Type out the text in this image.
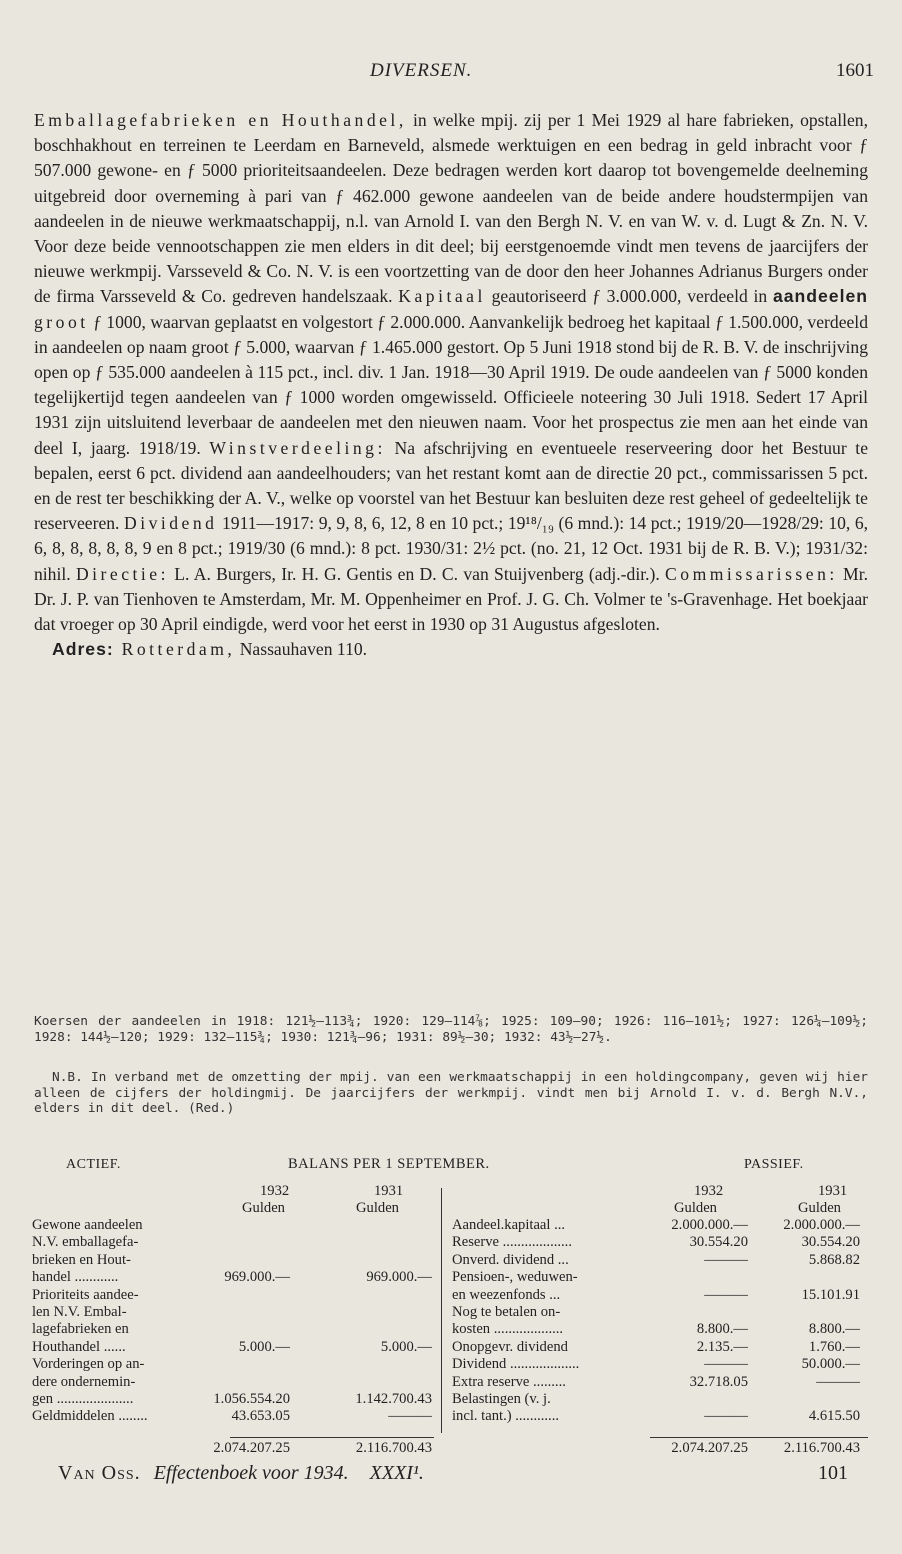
DIVERSEN.	1601

Emballagefabrieken en Houthandel, in welke mpij. zij per 1 Mei 1929 al hare fabrieken, opstallen, boschhakhout en terreinen te Leerdam en Barneveld, alsmede werktuigen en een bedrag in geld inbracht voor ƒ 507.000 gewone- en ƒ 5000 prioriteitsaandeelen. Deze bedragen werden kort daarop tot bovengemelde deelneming uitgebreid door overneming à pari van ƒ 462.000 gewone aandeelen van de beide andere houdstermpijen van aandeelen in de nieuwe werkmaatschappij, n.l. van Arnold I. van den Bergh N. V. en van W. v. d. Lugt & Zn. N. V. Voor deze beide vennootschappen zie men elders in dit deel; bij eerstgenoemde vindt men tevens de jaarcijfers der nieuwe werkmpij. Varsseveld & Co. N. V. is een voortzetting van de door den heer Johannes Adrianus Burgers onder de firma Varsseveld & Co. gedreven handelszaak. Kapitaal geautoriseerd ƒ 3.000.000, verdeeld in aandeelen groot ƒ 1000, waarvan geplaatst en volgestort ƒ 2.000.000. Aanvankelijk bedroeg het kapitaal ƒ 1.500.000, verdeeld in aandeelen op naam groot ƒ 5.000, waarvan ƒ 1.465.000 gestort. Op 5 Juni 1918 stond bij de R. B. V. de inschrijving open op ƒ 535.000 aandeelen à 115 pct., incl. div. 1 Jan. 1918—30 April 1919. De oude aandeelen van ƒ 5000 konden tegelijkertijd tegen aandeelen van ƒ 1000 worden omgewisseld. Officieele noteering 30 Juli 1918. Sedert 17 April 1931 zijn uitsluitend leverbaar de aandeelen met den nieuwen naam. Voor het prospectus zie men aan het einde van deel I, jaarg. 1918/19. Winstverdeeling: Na afschrijving en eventueele reserveering door het Bestuur te bepalen, eerst 6 pct. dividend aan aandeelhouders; van het restant komt aan de directie 20 pct., commissarissen 5 pct. en de rest ter beschikking der A. V., welke op voorstel van het Bestuur kan besluiten deze rest geheel of gedeeltelijk te reserveeren. Dividend 1911—1917: 9, 9, 8, 6, 12, 8 en 10 pct.; 19¹⁸/₁₉ (6 mnd.): 14 pct.; 1919/20—1928/29: 10, 6, 6, 8, 8, 8, 8, 8, 9 en 8 pct.; 1919/30 (6 mnd.): 8 pct. 1930/31: 2½ pct. (no. 21, 12 Oct. 1931 bij de R. B. V.); 1931/32: nihil. Directie: L. A. Burgers, Ir. H. G. Gentis en D. C. van Stuijvenberg (adj.-dir.). Commissarissen: Mr. Dr. J. P. van Tienhoven te Amsterdam, Mr. M. Oppenheimer en Prof. J. G. Ch. Volmer te 's-Gravenhage. Het boekjaar dat vroeger op 30 April eindigde, werd voor het eerst in 1930 op 31 Augustus afgesloten.

Adres: Rotterdam, Nassauhaven 110.

Koersen der aandeelen in 1918: 121½—113¾; 1920: 129—114⅞; 1925: 109—90; 1926: 116—101½; 1927: 126¼—109½; 1928: 144½—120; 1929: 132—115¾; 1930: 121¾—96; 1931: 89½—30; 1932: 43½—27½.
N.B. In verband met de omzetting der mpij. van een werkmaatschappij in een holdingcompany, geven wij hier alleen de cijfers der holdingmij. De jaarcijfers der werkmpij. vindt men bij Arnold I. v. d. Bergh N.V., elders in dit deel. (Red.)
ACTIEF.	BALANS PER 1 SEPTEMBER.	PASSIEF.
1932	1931
Gulden	Gulden
1932	1931
Gulden	Gulden
Gewone aandeelen
N.V. emballagefa-
brieken en Hout-
handel ............	969.000.—	969.000.—
Prioriteits aandee-
len N.V. Embal-
lagefabrieken en
Houthandel ......	5.000.—	5.000.—
Vorderingen op an-
dere ondernemin-
gen .....................	1.056.554.20	1.142.700.43
Geldmiddelen ........	43.653.05	———
Aandeel.kapitaal ...	2.000.000.— 2.000.000.—
Reserve ...................	30.554.20	30.554.20
Onverd. dividend ...	———	5.868.82
Pensioen-, weduwen-
en weezenfonds ...	———	15.101.91
Nog te betalen on-
kosten ...................	8.800.—	8.800.—
Onopgevr. dividend	2.135.—	1.760.—
Dividend ...................	———	50.000.—
Extra reserve .........	32.718.05	———
Belastingen (v. j.
incl. tant.) ............	———	4.615.50
2.074.207.25	2.116.700.43	2.074.207.25 2.116.700.43
Van Oss. Effectenboek voor 1934. XXXI¹.	101
